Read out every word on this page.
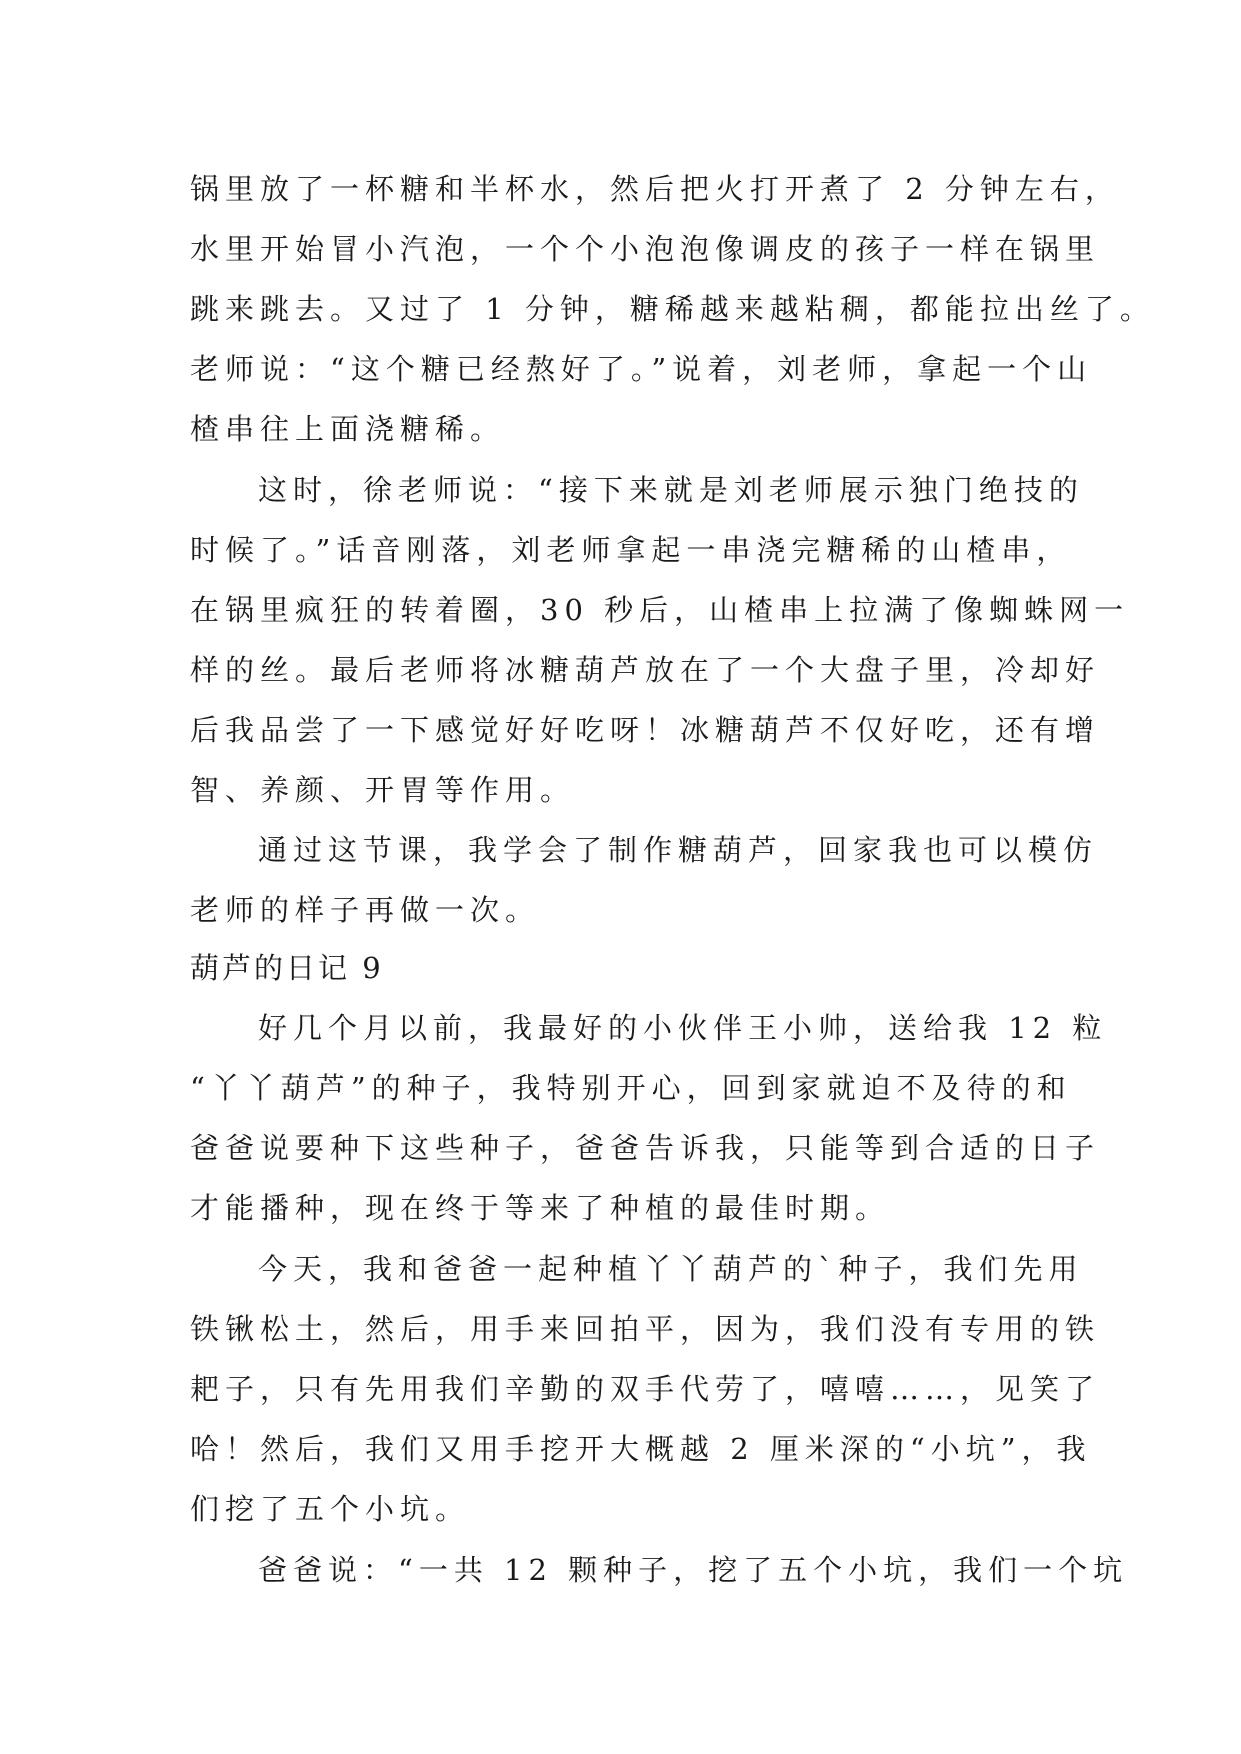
锅里放了一杯糖和半杯水，然后把火打开煮了 2 分钟左右，
水里开始冒小汽泡，一个个小泡泡像调皮的孩子一样在锅里
跳来跳去。又过了 1 分钟，糖稀越来越粘稠，都能拉出丝了。
老师说：“这个糖已经熬好了。”说着，刘老师，拿起一个山
楂串往上面浇糖稀。
这时，徐老师说：“接下来就是刘老师展示独门绝技的
时候了。”话音刚落，刘老师拿起一串浇完糖稀的山楂串，
在锅里疯狂的转着圈，30 秒后，山楂串上拉满了像蜘蛛网一
样的丝。最后老师将冰糖葫芦放在了一个大盘子里，冷却好
后我品尝了一下感觉好好吃呀！冰糖葫芦不仅好吃，还有增
智、养颜、开胃等作用。
通过这节课，我学会了制作糖葫芦，回家我也可以模仿
老师的样子再做一次。
葫芦的日记 9
好几个月以前，我最好的小伙伴王小帅，送给我 12 粒
“丫丫葫芦”的种子，我特别开心，回到家就迫不及待的和
爸爸说要种下这些种子，爸爸告诉我，只能等到合适的日子
才能播种，现在终于等来了种植的最佳时期。
今天，我和爸爸一起种植丫丫葫芦的`种子，我们先用
铁锹松土，然后，用手来回拍平，因为，我们没有专用的铁
耙子，只有先用我们辛勤的双手代劳了，嘻嘻……，见笑了
哈！然后，我们又用手挖开大概越 2 厘米深的“小坑”，我
们挖了五个小坑。
爸爸说：“一共 12 颗种子，挖了五个小坑，我们一个坑
